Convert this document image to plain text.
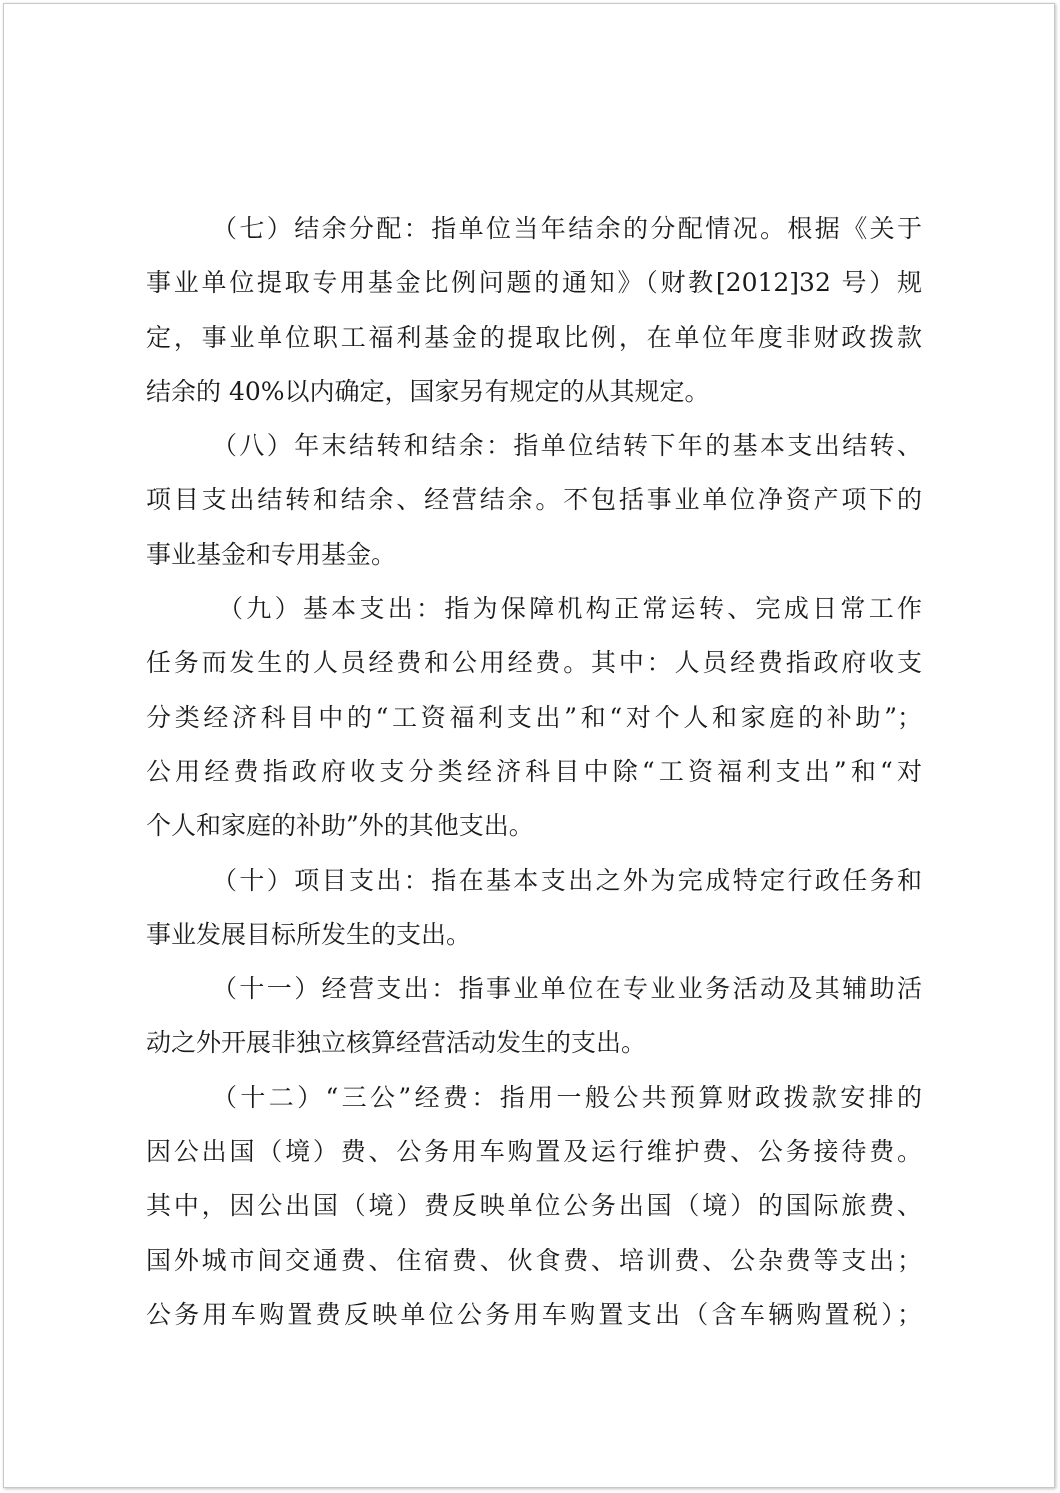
（七）结余分配：指单位当年结余的分配情况。根据《关于
事业单位提取专用基金比例问题的通知》（财教[2012]32 号）规
定，事业单位职工福利基金的提取比例，在单位年度非财政拨款
结余的 40%以内确定，国家另有规定的从其规定。
（八）年末结转和结余：指单位结转下年的基本支出结转、
项目支出结转和结余、经营结余。不包括事业单位净资产项下的
事业基金和专用基金。
（九）基本支出：指为保障机构正常运转、完成日常工作
任务而发生的人员经费和公用经费。其中：人员经费指政府收支
分类经济科目中的“工资福利支出”和“对个人和家庭的补助”；
公用经费指政府收支分类经济科目中除“工资福利支出”和“对
个人和家庭的补助”外的其他支出。
（十）项目支出：指在基本支出之外为完成特定行政任务和
事业发展目标所发生的支出。
（十一）经营支出：指事业单位在专业业务活动及其辅助活
动之外开展非独立核算经营活动发生的支出。
（十二）“三公”经费：指用一般公共预算财政拨款安排的
因公出国（境）费、公务用车购置及运行维护费、公务接待费。
其中，因公出国（境）费反映单位公务出国（境）的国际旅费、
国外城市间交通费、住宿费、伙食费、培训费、公杂费等支出；
公务用车购置费反映单位公务用车购置支出（含车辆购置税）；
